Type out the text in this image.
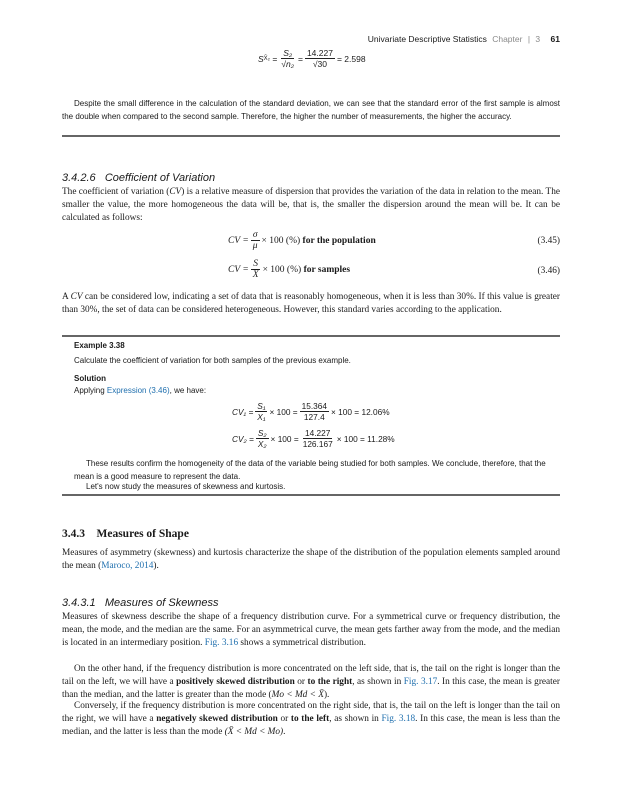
Univariate Descriptive Statistics Chapter | 3 61
S X̄₂ = $\frac{\text{S₂}}{\text{√n₂}} = \frac{14.227}{√30} = 2.598$
Despite the small difference in the calculation of the standard deviation, we can see that the standard error of the first sample is almost the double when compared to the second sample. Therefore, the higher the number of measurements, the higher the accuracy.
3.4.2.6 Coefficient of Variation
The coefficient of variation (CV) is a relative measure of dispersion that provides the variation of the data in relation to the mean. The smaller the value, the more homogeneous the data will be, that is, the smaller the dispersion around the mean will be. It can be calculated as follows:
CV = $\frac{\sigma}{\mu} \times 100$ (%)
for the population	(3.45)
CV = $\frac{S}{X} \times 100$ (%)
for samples	(3.46)
A CV can be considered low, indicating a set of data that is reasonably homogeneous, when it is less than 30%. If this value is greater than 30%, the set of data can be considered heterogeneous. However, this standard varies according to the application.
Example 3.38
Calculate the coefficient of variation for both samples of the previous example.
Solution
Applying Expression (3.46), we have:
$CV_1 = \frac{\text{S₁}}{\text{X₁}} \times 100 = \frac{15.364}{127.4} \times 100 = 12.06\%$
$CV_2 = \frac{\text{S₂}}{\text{X₂}} \times 100 = \frac{14.227}{126.167} \times 100 = 11.28\%$
These results confirm the homogeneity of the data of the variable being studied for both samples. We conclude, therefore, that the mean is a good measure to represent the data.
Let's now study the measures of skewness and kurtosis.
3.4.3 Measures of Shape
Measures of asymmetry (skewness) and kurtosis characterize the shape of the distribution of the population elements sampled around the mean (Maroco, 2014).
3.4.3.1 Measures of Skewness
Measures of skewness describe the shape of a frequency distribution curve. For a symmetrical curve or frequency distribution, the mean, the mode, and the median are the same. For an asymmetrical curve, the mean gets farther away from the mode, and the median is located in an intermediary position. Fig. 3.16 shows a symmetrical distribution.
On the other hand, if the frequency distribution is more concentrated on the left side, that is, the tail on the right is longer than the tail on the left, we will have a positively skewed distribution or to the right, as shown in Fig. 3.17. In this case, the mean is greater than the median, and the latter is greater than the mode (Mo < Md < X̄).
Conversely, if the frequency distribution is more concentrated on the right side, that is, the tail on the left is longer than the tail on the right, we will have a negatively skewed distribution or to the left, as shown in Fig. 3.18. In this case, the mean is less than the median, and the latter is less than the mode (X̄ < Md < Mo).
